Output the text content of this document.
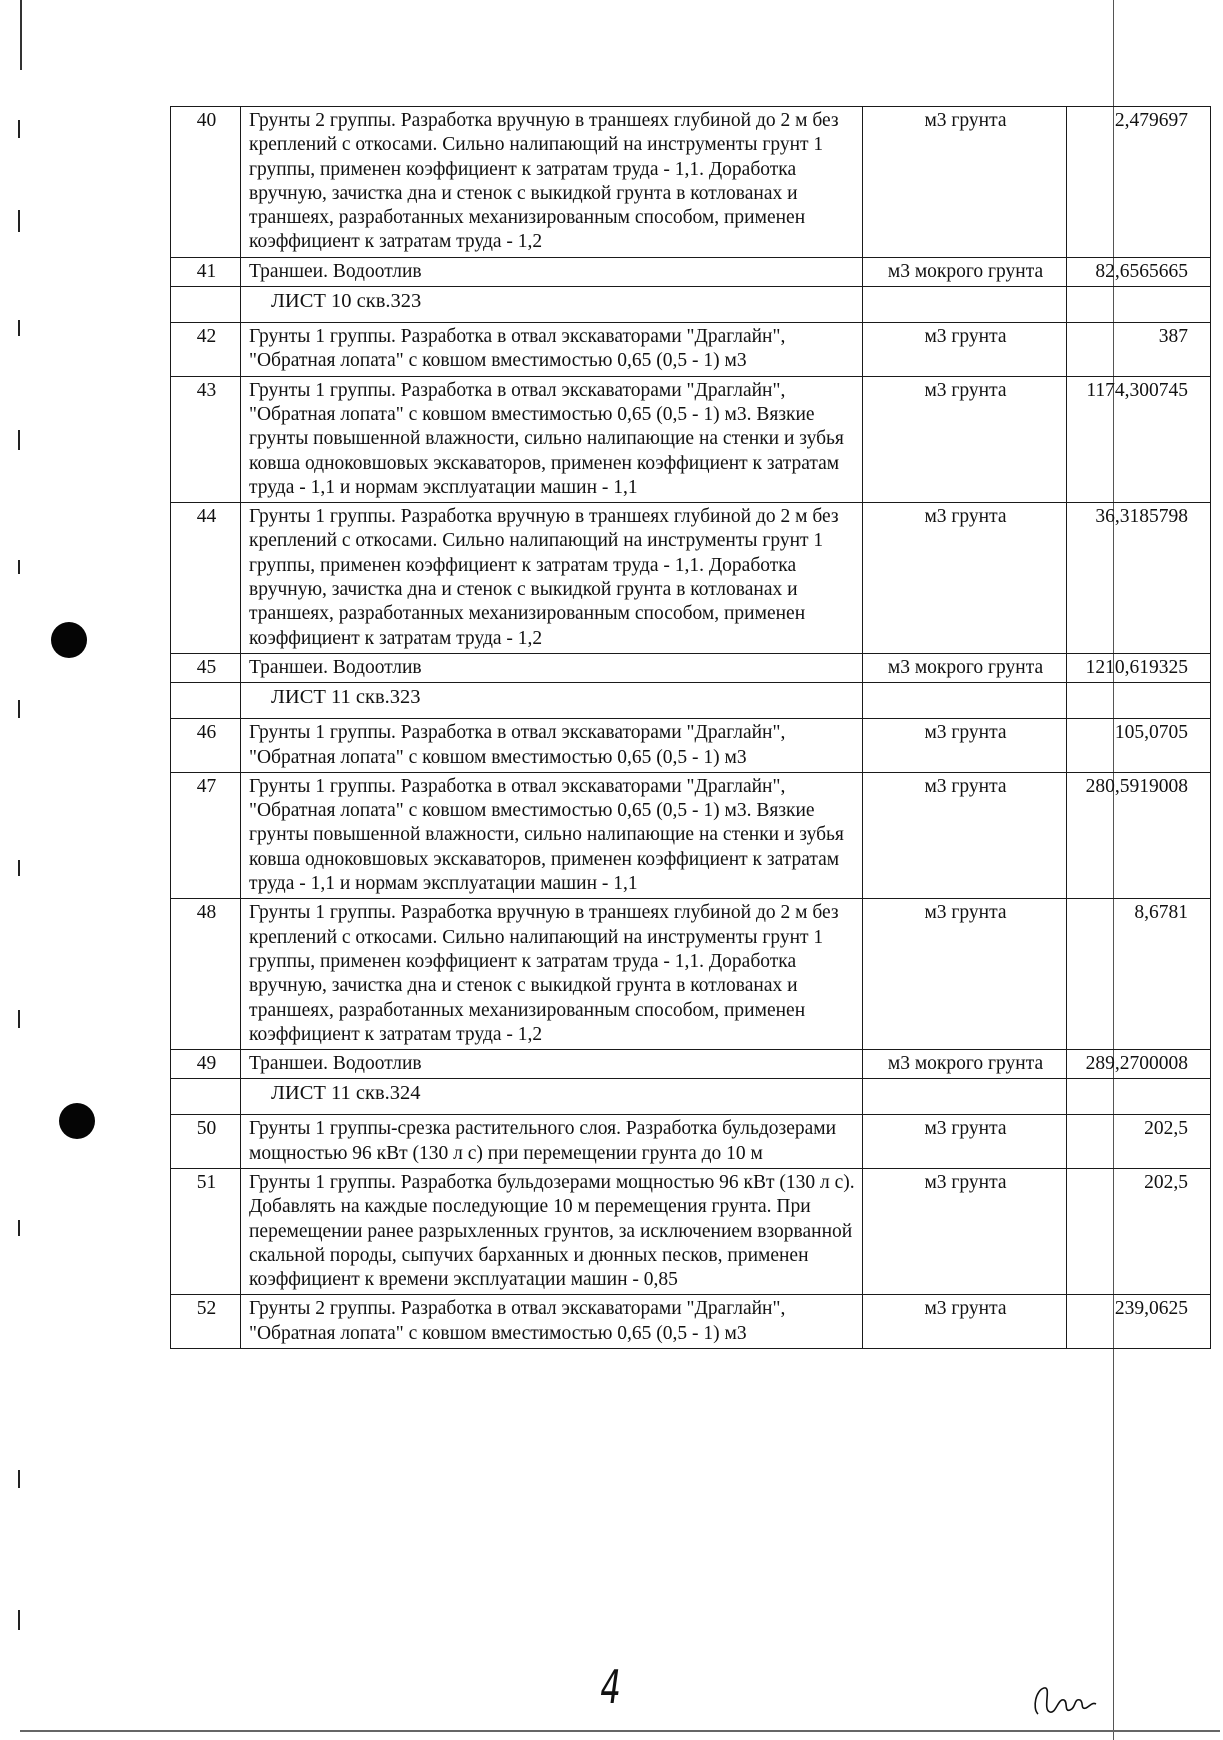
40	Грунты 2 группы. Разработка вручную в траншеях глубиной до 2 м без креплений с откосами. Сильно налипающий на инструменты грунт 1 группы, применен коэффициент к затратам труда - 1,1. Доработка вручную, зачистка дна и стенок с выкидкой грунта в котлованах и траншеях, разработанных механизированным способом, применен коэффициент к затратам труда - 1,2	м3 грунта	2,479697
41	Траншеи. Водоотлив	м3 мокрого грунта	82,6565665
	ЛИСТ 10 скв.323		
42	Грунты 1 группы. Разработка в отвал экскаваторами "Драглайн", "Обратная лопата" с ковшом вместимостью 0,65 (0,5 - 1) м3	м3 грунта	387
43	Грунты 1 группы. Разработка в отвал экскаваторами "Драглайн", "Обратная лопата" с ковшом вместимостью 0,65 (0,5 - 1) м3. Вязкие грунты повышенной влажности, сильно налипающие на стенки и зубья ковша одноковшовых экскаваторов, применен коэффициент к затратам труда - 1,1 и нормам эксплуатации машин - 1,1	м3 грунта	1174,300745
44	Грунты 1 группы. Разработка вручную в траншеях глубиной до 2 м без креплений с откосами. Сильно налипающий на инструменты грунт 1 группы, применен коэффициент к затратам труда - 1,1. Доработка вручную, зачистка дна и стенок с выкидкой грунта в котлованах и траншеях, разработанных механизированным способом, применен коэффициент к затратам труда - 1,2	м3 грунта	36,3185798
45	Траншеи. Водоотлив	м3 мокрого грунта	1210,619325
	ЛИСТ 11 скв.323		
46	Грунты 1 группы. Разработка в отвал экскаваторами "Драглайн", "Обратная лопата" с ковшом вместимостью 0,65 (0,5 - 1) м3	м3 грунта	105,0705
47	Грунты 1 группы. Разработка в отвал экскаваторами "Драглайн", "Обратная лопата" с ковшом вместимостью 0,65 (0,5 - 1) м3. Вязкие грунты повышенной влажности, сильно налипающие на стенки и зубья ковша одноковшовых экскаваторов, применен коэффициент к затратам труда - 1,1 и нормам эксплуатации машин - 1,1	м3 грунта	280,5919008
48	Грунты 1 группы. Разработка вручную в траншеях глубиной до 2 м без креплений с откосами. Сильно налипающий на инструменты грунт 1 группы, применен коэффициент к затратам труда - 1,1. Доработка вручную, зачистка дна и стенок с выкидкой грунта в котлованах и траншеях, разработанных механизированным способом, применен коэффициент к затратам труда - 1,2	м3 грунта	8,6781
49	Траншеи. Водоотлив	м3 мокрого грунта	289,2700008
	ЛИСТ 11 скв.324		
50	Грунты 1 группы-срезка растительного слоя. Разработка бульдозерами мощностью 96 кВт (130 л с) при перемещении грунта до 10 м	м3 грунта	202,5
51	Грунты 1 группы. Разработка бульдозерами мощностью 96 кВт (130 л с). Добавлять на каждые последующие 10 м перемещения грунта. При перемещении ранее разрыхленных грунтов, за исключением взорванной скальной породы, сыпучих барханных и дюнных песков, применен коэффициент к времени эксплуатации машин - 0,85	м3 грунта	202,5
52	Грунты 2 группы. Разработка в отвал экскаваторами "Драглайн", "Обратная лопата" с ковшом вместимостью 0,65 (0,5 - 1) м3	м3 грунта	239,0625
4
